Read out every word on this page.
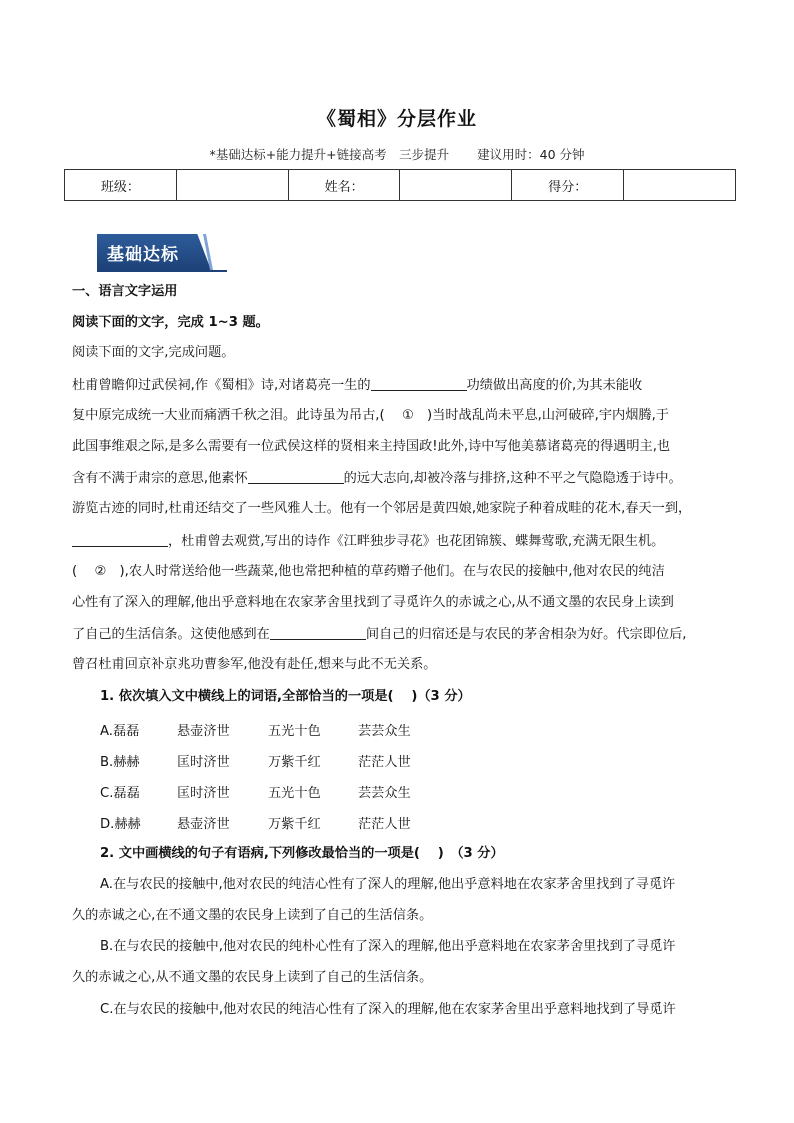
《蜀相》分层作业
*基础达标+能力提升+链接高考　三步提升 建议用时：40 分钟
班级：		姓名：		得分：	
基础达标
一、语言文字运用
阅读下面的文字，完成 1~3 题。
阅读下面的文字,完成问题。
杜甫曾瞻仰过武侯祠,作《蜀相》诗,对诸葛亮一生的	功绩做出高度的价,为其未能收
复中原完成统一大业而痛洒千秋之泪。此诗虽为吊古,(　 ①　)当时战乱尚未平息,山河破碎,宇内烟腾,于
此国事维艰之际,是多么需要有一位武侯这样的贤相来主持国政!此外,诗中写他美慕诸葛亮的得遇明主,也
含有不满于肃宗的意思,他素怀	的远大志向,却被冷落与排挤,这种不平之气隐隐透于诗中。
游览古迹的同时,杜甫还结交了一些风雅人士。他有一个邻居是黄四娘,她家院子种着成畦的花木,春天一到，
，杜甫曾去观赏,写出的诗作《江畔独步寻花》也花团锦簇、蝶舞莺歌,充满无限生机。
(　 ②　),农人时常送给他一些蔬菜,他也常把种植的草药赠子他们。在与农民的接触中,他对农民的纯洁
心性有了深入的理解,他出乎意料地在农家茅舍里找到了寻觅许久的赤诚之心,从不通文墨的农民身上读到
了自己的生活信条。这使他感到在	间自己的归宿还是与农民的茅舍相杂为好。代宗即位后,
曾召杜甫回京补京兆功曹参军,他没有赴任,想来与此不无关系。
1. 依次填入文中横线上的词语,全部恰当的一项是(　 )（3 分）
A.磊磊	悬壶济世	五光十色	芸芸众生
B.赫赫	匡时济世	万紫千红	茫茫人世
C.磊磊	匡时济世	五光十色	芸芸众生
D.赫赫	悬壶济世	万紫千红	茫茫人世
2. 文中画横线的句子有语病,下列修改最恰当的一项是(　 )　（3 分）
A.在与农民的接触中,他对农民的纯洁心性有了深人的理解,他出乎意料地在农家茅舍里找到了寻觅许
久的赤诚之心,在不通文墨的农民身上读到了自己的生活信条。
B.在与农民的接触中,他对农民的纯朴心性有了深入的理解,他出乎意料地在农家茅舍里找到了寻觅许
久的赤诚之心,从不通文墨的农民身上读到了自己的生活信条。
C.在与农民的接触中,他对农民的纯洁心性有了深入的理解,他在农家茅舍里出乎意料地找到了导觅许
